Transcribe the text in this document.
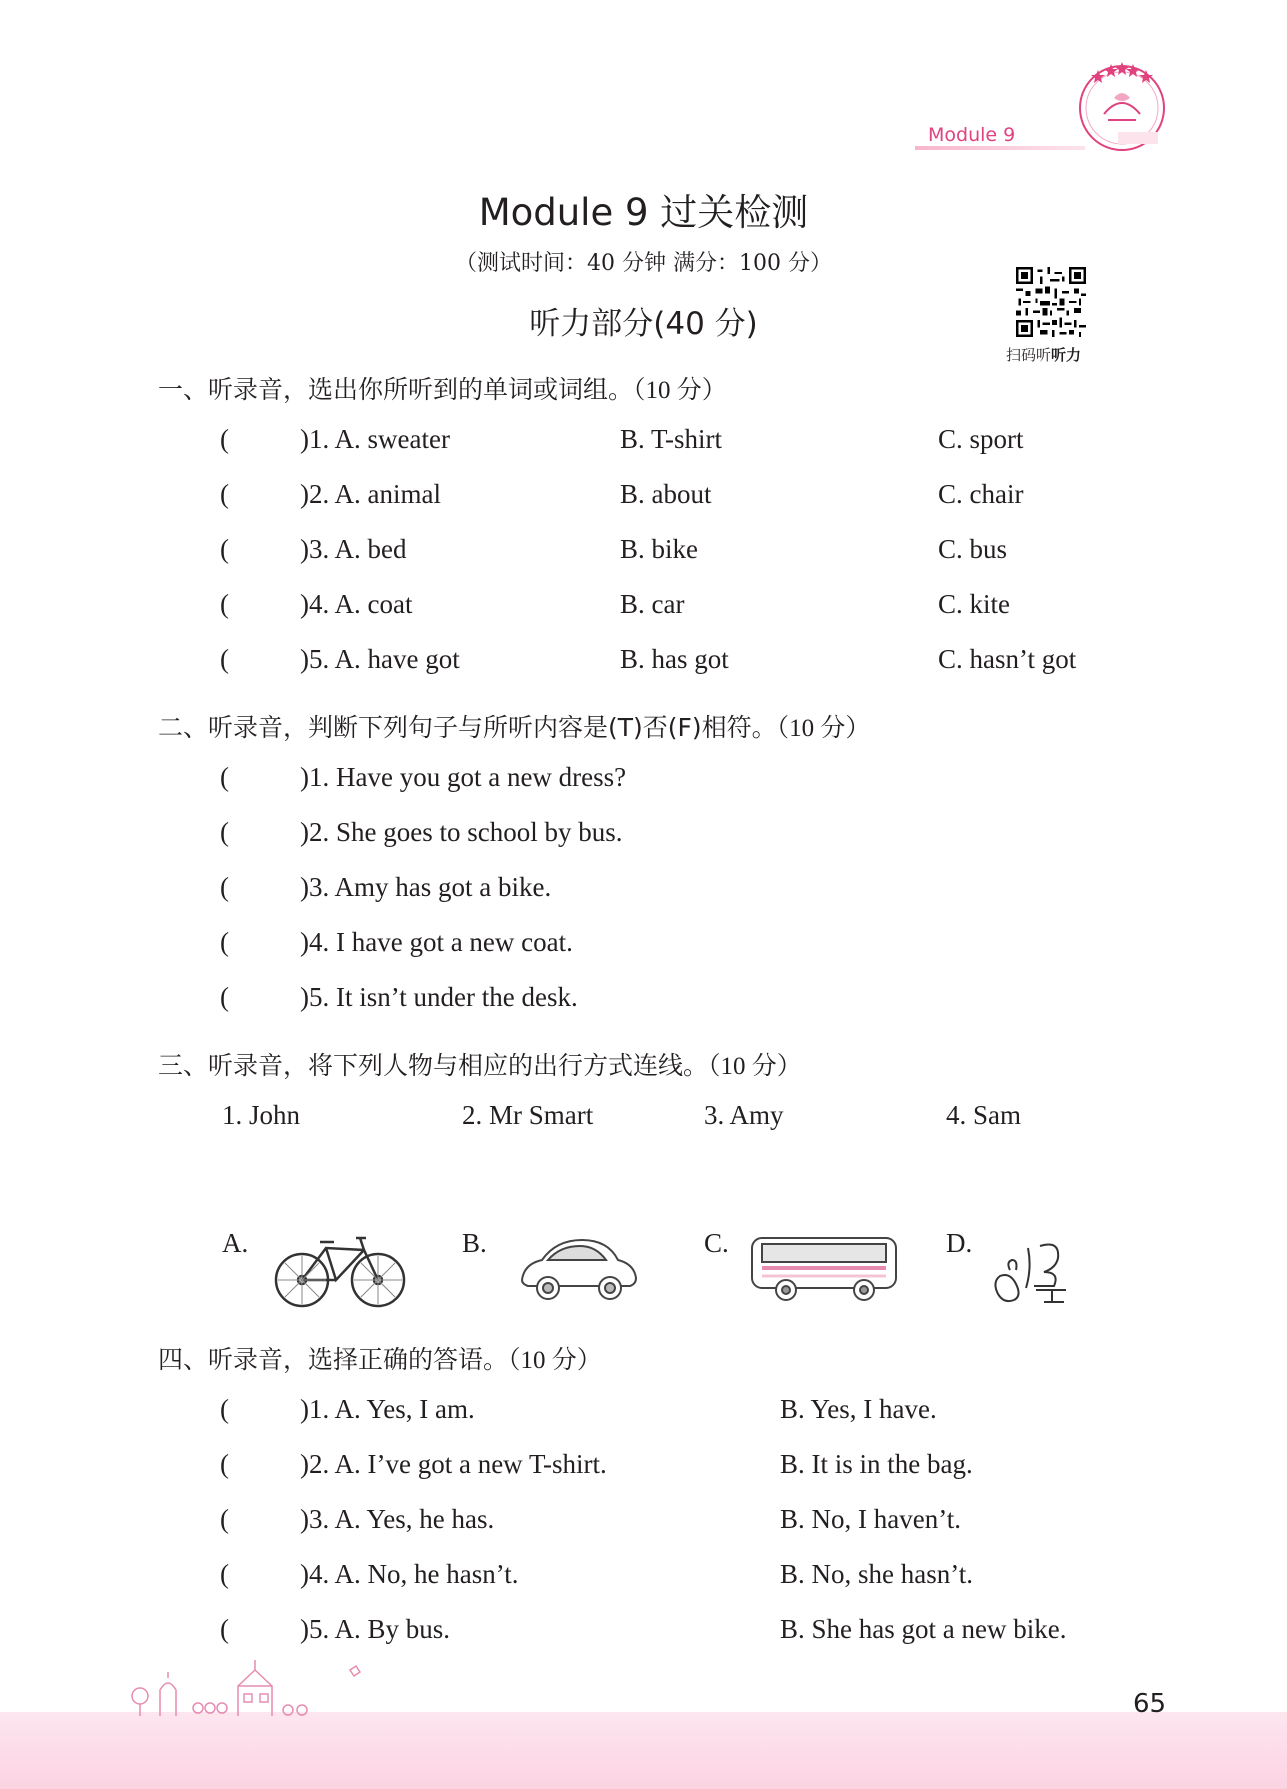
Module 9
Module 9 过关检测
（测试时间：40 分钟 满分：100 分）
听力部分(40 分)
扫码听听力
一、听录音，选出你所听到的单词或词组。（10 分）
(	)1. A. sweater	B. T-shirt	C. sport
(	)2. A. animal	B. about	C. chair
(	)3. A. bed	B. bike	C. bus
(	)4. A. coat	B. car	C. kite
(	)5. A. have got	B. has got	C. hasn’t got
二、听录音，判断下列句子与所听内容是(T)否(F)相符。（10 分）
(	)1. Have you got a new dress?
(	)2. She goes to school by bus.
(	)3. Amy has got a bike.
(	)4. I have got a new coat.
(	)5. It isn’t under the desk.
三、听录音，将下列人物与相应的出行方式连线。（10 分）
1. John	2. Mr Smart	3. Amy	4. Sam
A.	B.	C.	D.
四、听录音，选择正确的答语。（10 分）
(	)1. A. Yes, I am.	B. Yes, I have.
(	)2. A. I’ve got a new T-shirt.	B. It is in the bag.
(	)3. A. Yes, he has.	B. No, I haven’t.
(	)4. A. No, he hasn’t.	B. No, she hasn’t.
(	)5. A. By bus.	B. She has got a new bike.
65
